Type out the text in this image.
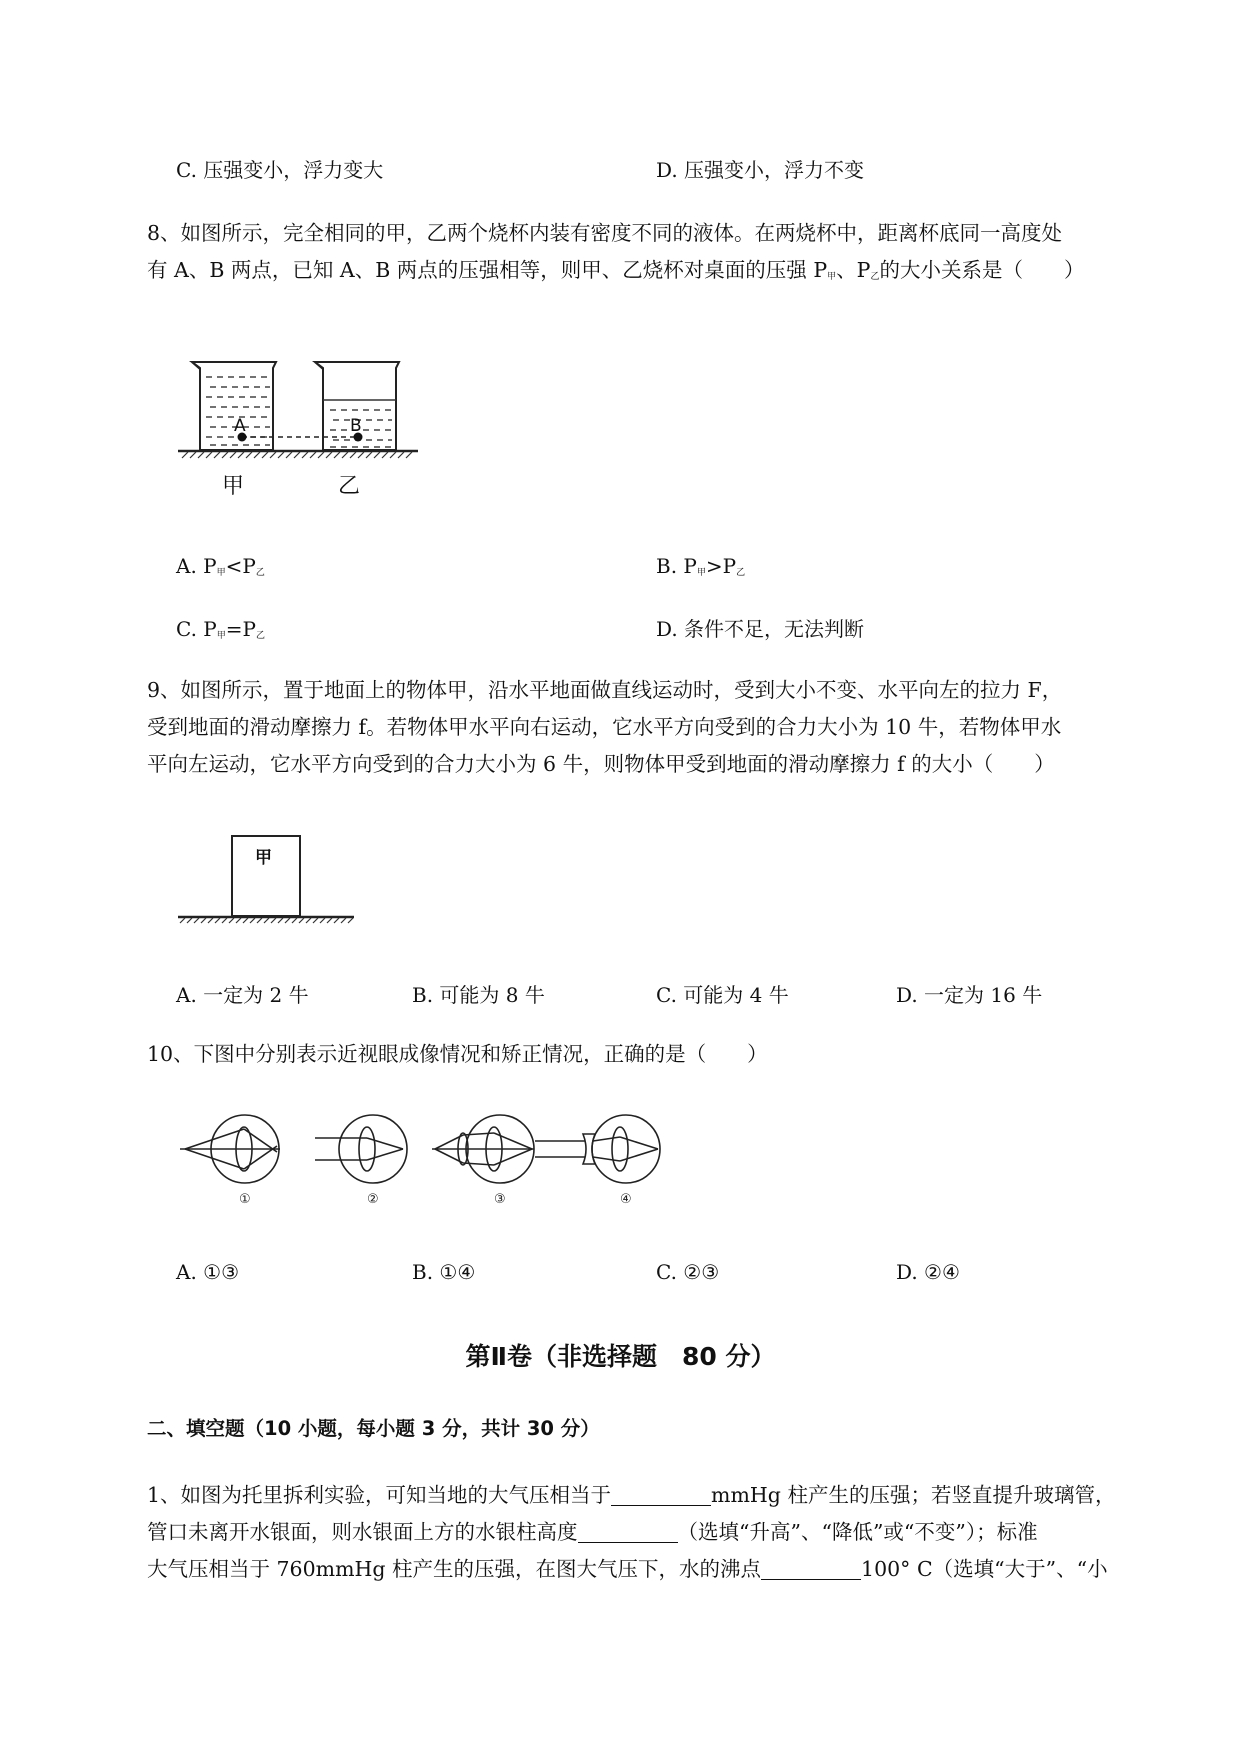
C. 压强变小，浮力变大	D. 压强变小，浮力不变
8、如图所示，完全相同的甲，乙两个烧杯内装有密度不同的液体。在两烧杯中，距离杯底同一高度处
有 A、B 两点，已知 A、B 两点的压强相等，则甲、乙烧杯对桌面的压强 $P_甲$、$P_乙$的大小关系是（　　）
A	B
甲	乙
A. $P_甲<P_乙$	B. $P_甲>P_乙$
C. $P_甲=P_乙$	D. 条件不足，无法判断
9、如图所示，置于地面上的物体甲，沿水平地面做直线运动时，受到大小不变、水平向左的拉力 F，
受到地面的滑动摩擦力 f。若物体甲水平向右运动，它水平方向受到的合力大小为 10 牛，若物体甲水
平向左运动，它水平方向受到的合力大小为 6 牛，则物体甲受到地面的滑动摩擦力 f 的大小（　　）
甲
A. 一定为 2 牛	B. 可能为 8 牛	C. 可能为 4 牛	D. 一定为 16 牛
10、下图中分别表示近视眼成像情况和矫正情况，正确的是（　　）
①	②	③	④
A. ①③	B. ①④	C. ②③	D. ②④
第Ⅱ卷（非选择题　80 分）
二、填空题（10 小题，每小题 3 分，共计 30 分）
1、如图为托里拆利实验，可知当地的大气压相当于	mmHg 柱产生的压强；若竖直提升玻璃管，
管口未离开水银面，则水银面上方的水银柱高度	（选填“升高”、“降低”或“不变”）；标准
大气压相当于 760mmHg 柱产生的压强，在图大气压下，水的沸点	100° C（选填“大于”、“小
